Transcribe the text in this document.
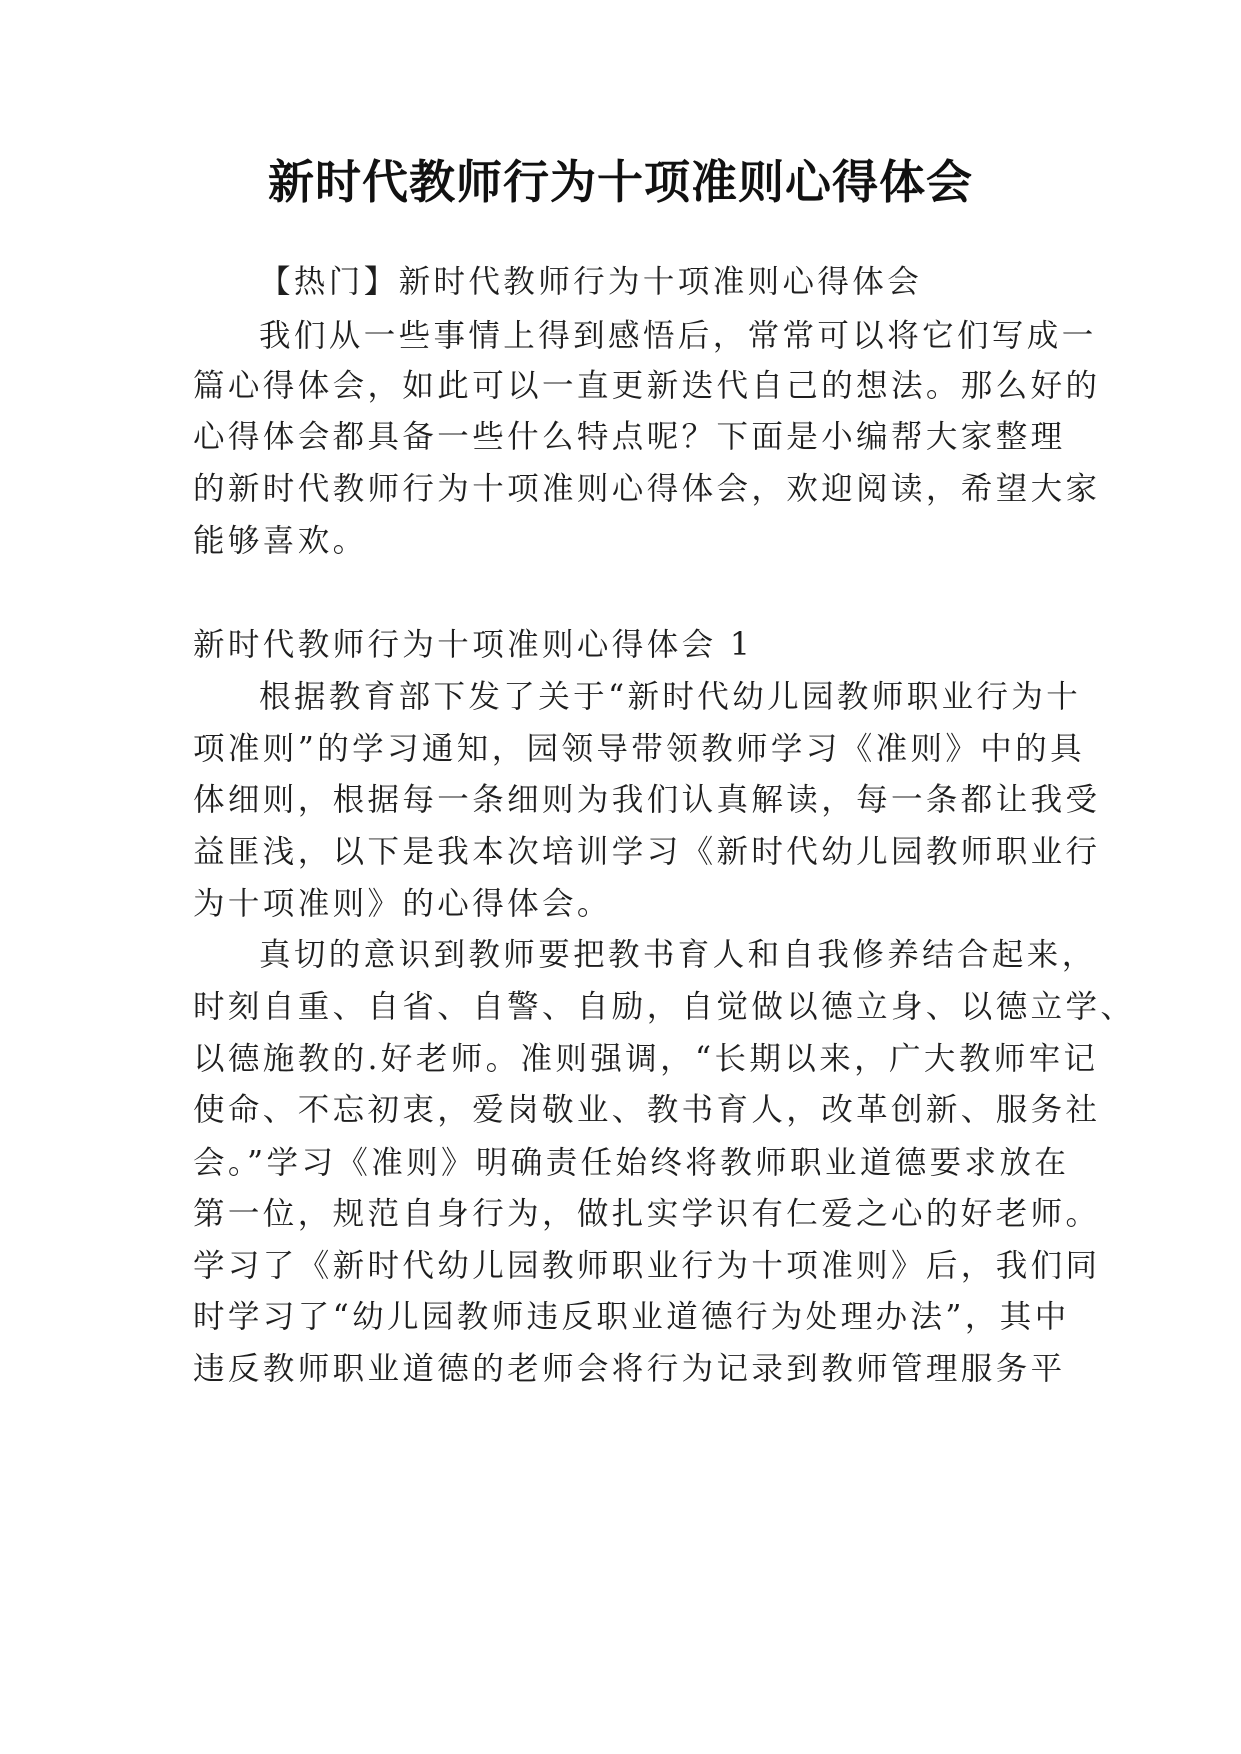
新时代教师行为十项准则心得体会
【热门】新时代教师行为十项准则心得体会
我们从一些事情上得到感悟后，常常可以将它们写成一
篇心得体会，如此可以一直更新迭代自己的想法。那么好的
心得体会都具备一些什么特点呢？下面是小编帮大家整理
的新时代教师行为十项准则心得体会，欢迎阅读，希望大家
能够喜欢。
新时代教师行为十项准则心得体会 1
根据教育部下发了关于“新时代幼儿园教师职业行为十
项准则”的学习通知，园领导带领教师学习《准则》中的具
体细则，根据每一条细则为我们认真解读，每一条都让我受
益匪浅，以下是我本次培训学习《新时代幼儿园教师职业行
为十项准则》的心得体会。
真切的意识到教师要把教书育人和自我修养结合起来，
时刻自重、自省、自警、自励，自觉做以德立身、以德立学、
以德施教的.好老师。准则强调，“长期以来，广大教师牢记
使命、不忘初衷，爱岗敬业、教书育人，改革创新、服务社
会。”学习《准则》明确责任始终将教师职业道德要求放在
第一位，规范自身行为，做扎实学识有仁爱之心的好老师。
学习了《新时代幼儿园教师职业行为十项准则》后，我们同
时学习了“幼儿园教师违反职业道德行为处理办法”，其中
违反教师职业道德的老师会将行为记录到教师管理服务平
